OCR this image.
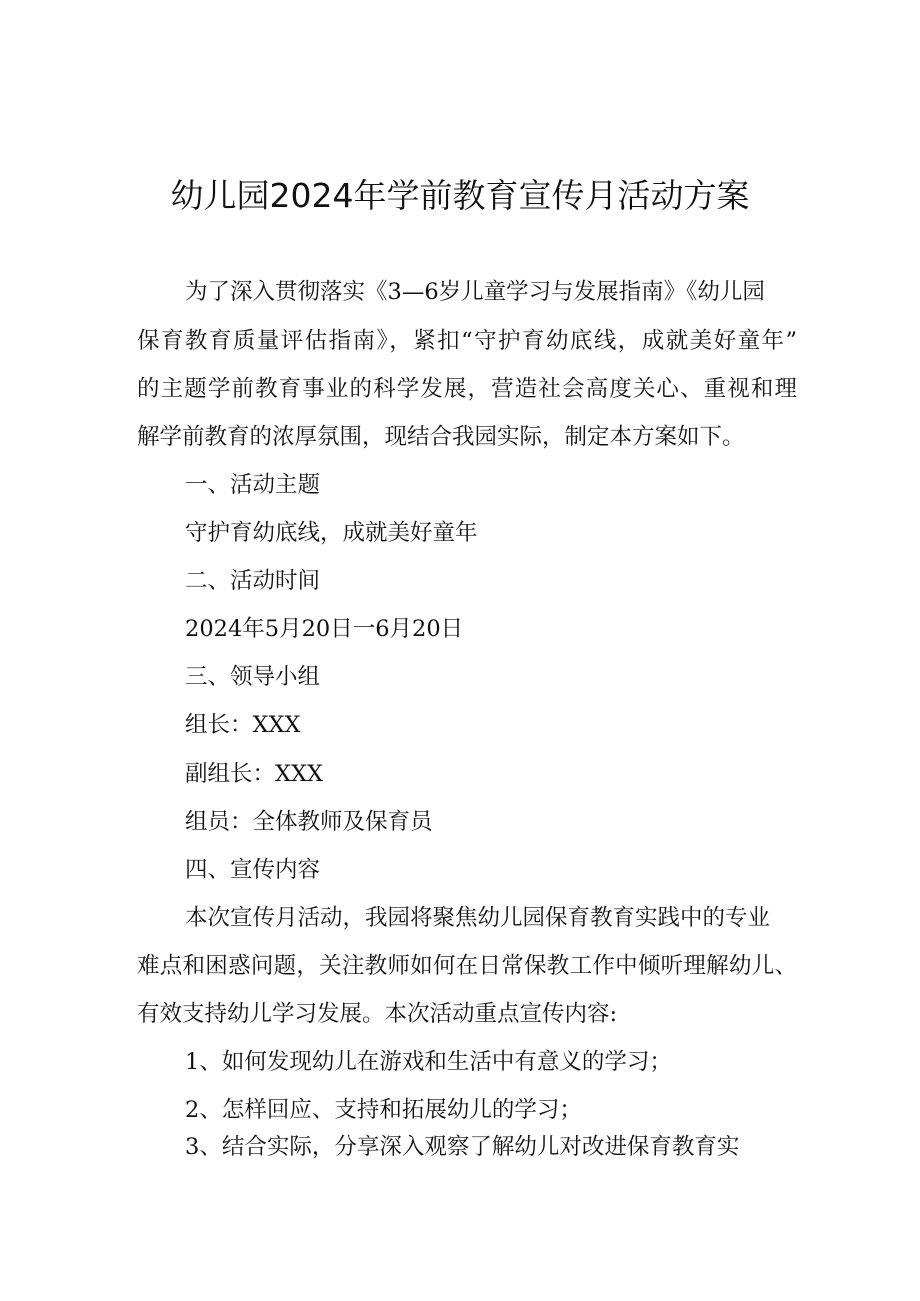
幼儿园2024年学前教育宣传月活动方案

为了深入贯彻落实《3—6岁儿童学习与发展指南》《幼儿园

保育教育质量评估指南》，紧扣“守护育幼底线，成就美好童年”

的主题学前教育事业的科学发展，营造社会高度关心、重视和理

解学前教育的浓厚氛围，现结合我园实际，制定本方案如下。

一、活动主题

守护育幼底线，成就美好童年

二、活动时间

2024年5月20日一6月20日

三、领导小组

组长：XXX

副组长：XXX

组员：全体教师及保育员

四、宣传内容

本次宣传月活动，我园将聚焦幼儿园保育教育实践中的专业

难点和困惑问题，关注教师如何在日常保教工作中倾听理解幼儿、

有效支持幼儿学习发展。本次活动重点宣传内容:

1、如何发现幼儿在游戏和生活中有意义的学习；

2、怎样回应、支持和拓展幼儿的学习；

3、结合实际，分享深入观察了解幼儿对改进保育教育实
